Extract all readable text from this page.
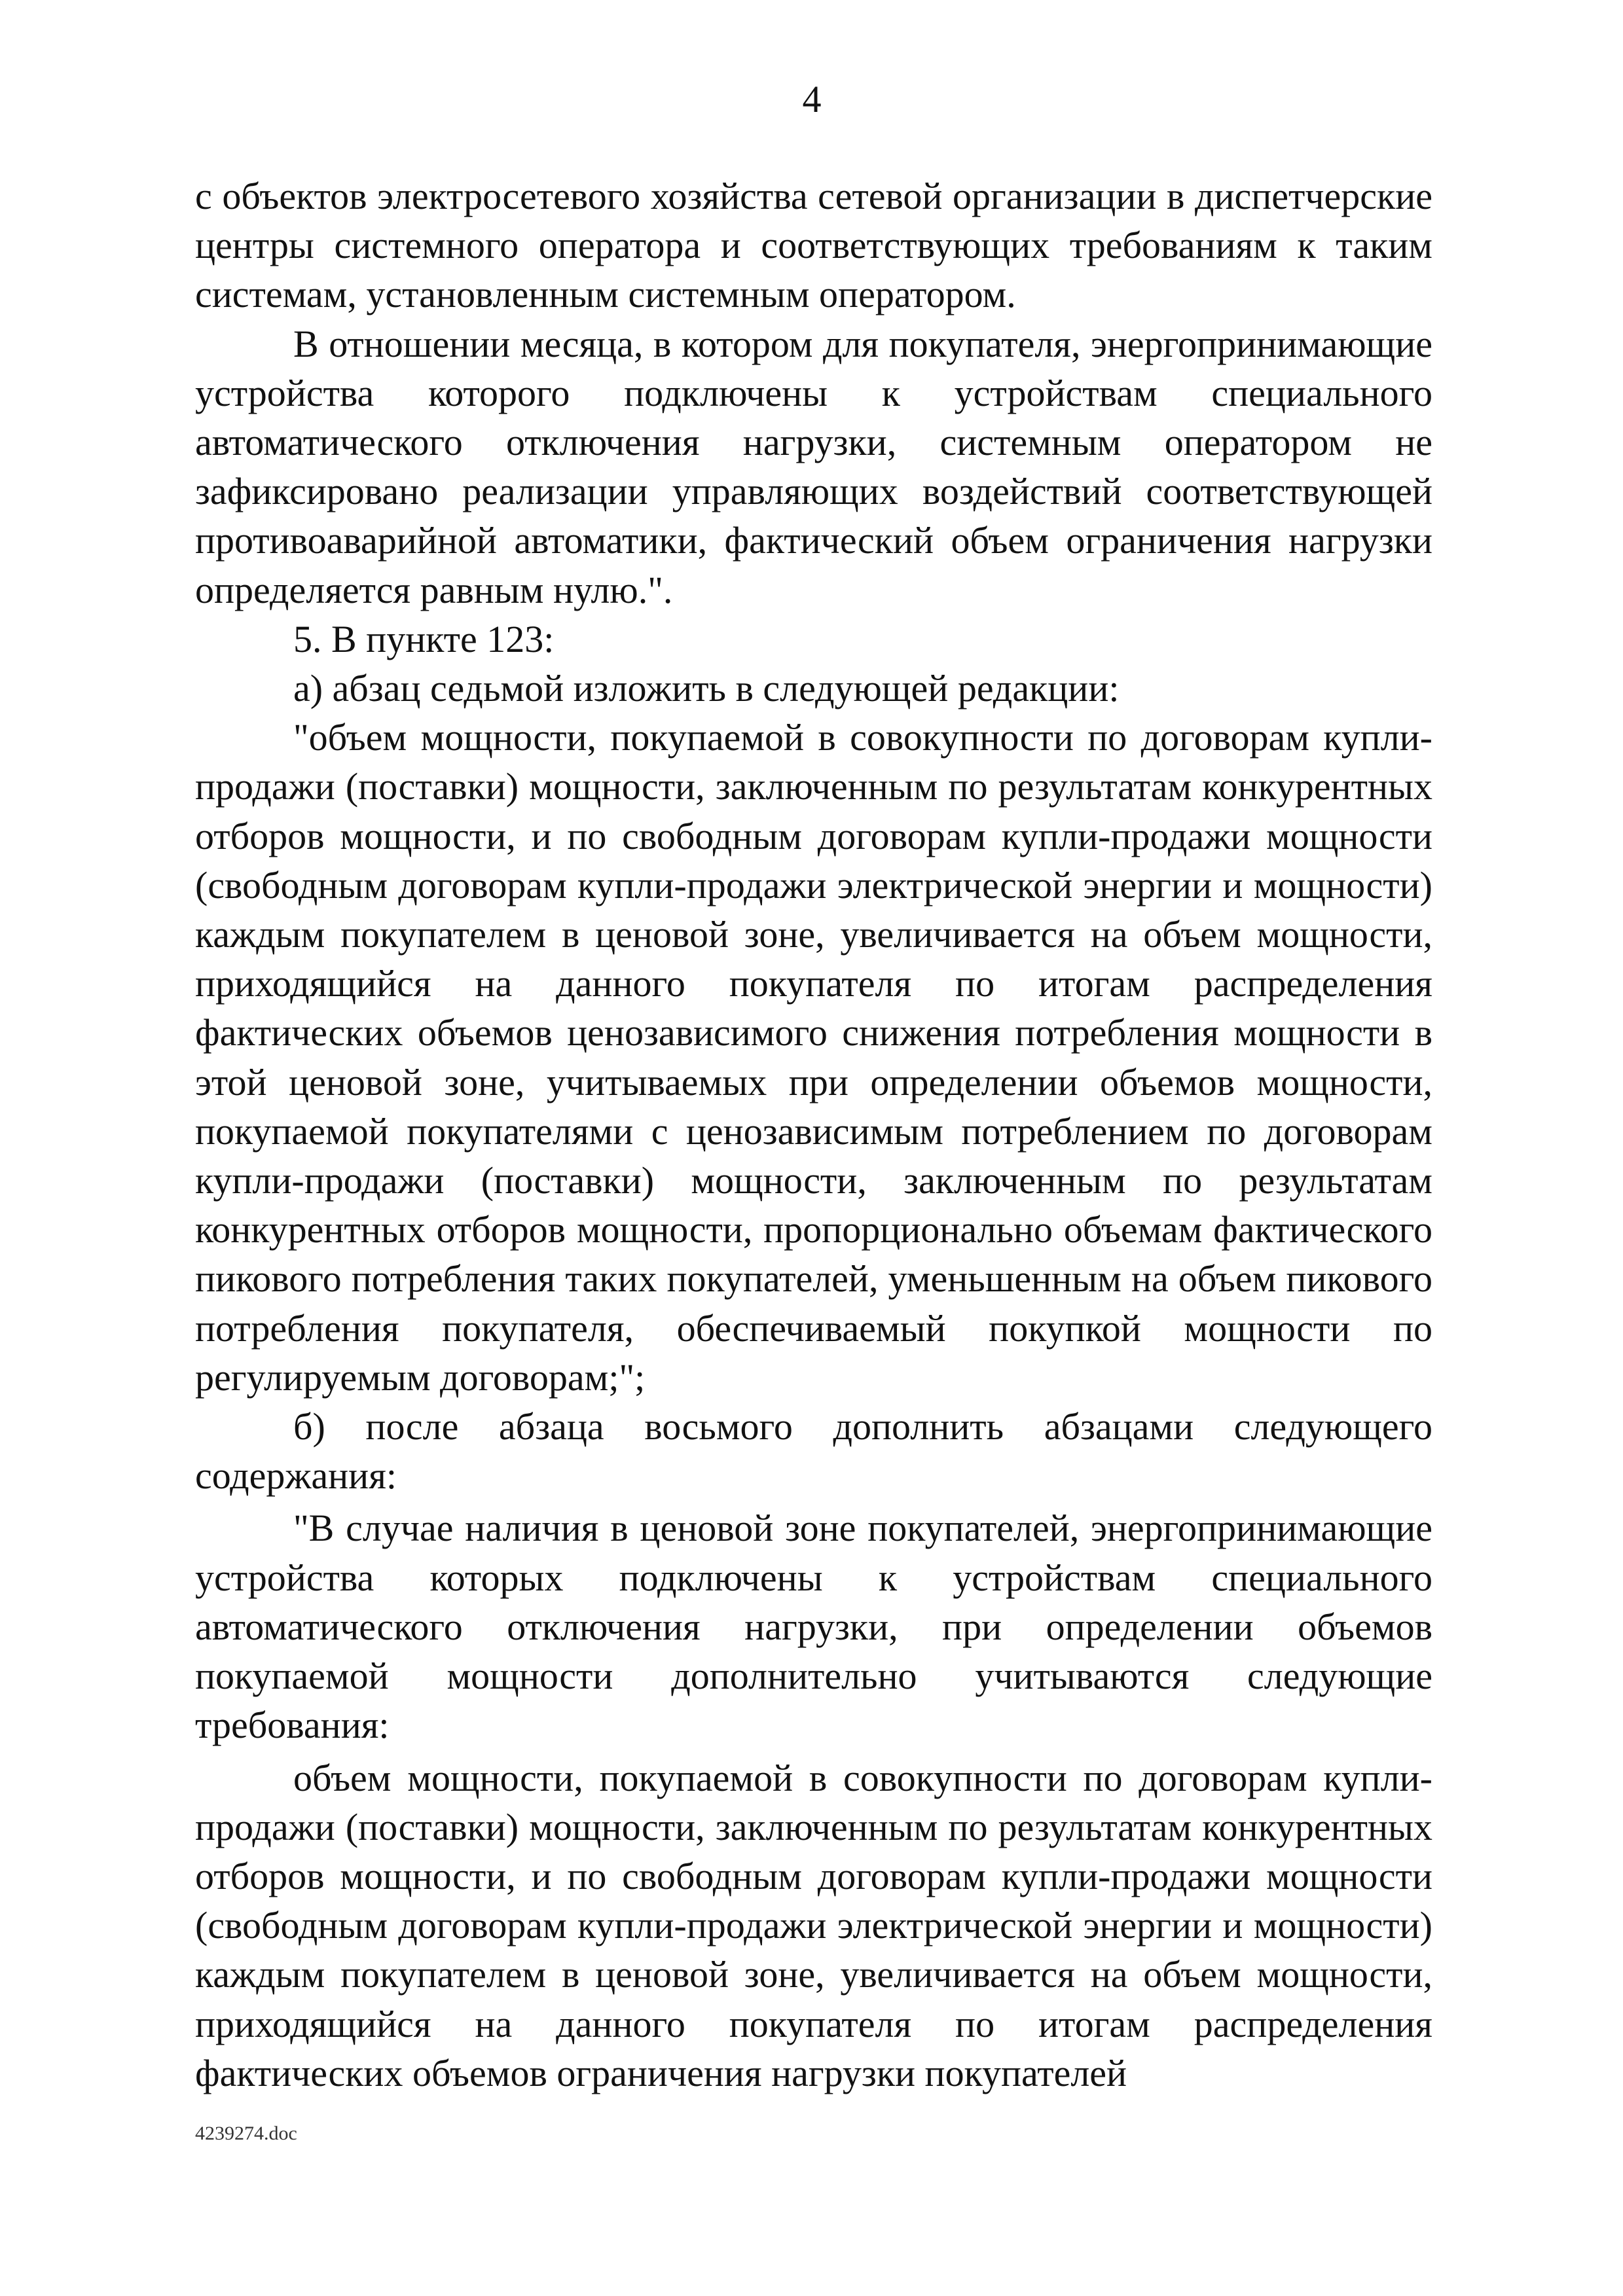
4

с объектов электросетевого хозяйства сетевой организации в диспетчерские центры системного оператора и соответствующих требованиям к таким системам, установленным системным оператором.

В отношении месяца, в котором для покупателя, энергопринимающие устройства которого подключены к устройствам специального автоматического отключения нагрузки, системным оператором не зафиксировано реализации управляющих воздействий соответствующей противоаварийной автоматики, фактический объем ограничения нагрузки определяется равным нулю.".

5. В пункте 123:

а) абзац седьмой изложить в следующей редакции:

"объем мощности, покупаемой в совокупности по договорам купли-продажи (поставки) мощности, заключенным по результатам конкурентных отборов мощности, и по свободным договорам купли-продажи мощности (свободным договорам купли-продажи электрической энергии и мощности) каждым покупателем в ценовой зоне, увеличивается на объем мощности, приходящийся на данного покупателя по итогам распределения фактических объемов ценозависимого снижения потребления мощности в этой ценовой зоне, учитываемых при определении объемов мощности, покупаемой покупателями с ценозависимым потреблением по договорам купли-продажи (поставки) мощности, заключенным по результатам конкурентных отборов мощности, пропорционально объемам фактического пикового потребления таких покупателей, уменьшенным на объем пикового потребления покупателя, обеспечиваемый покупкой мощности по регулируемым договорам;";

б) после абзаца восьмого дополнить абзацами следующего содержания:

"В случае наличия в ценовой зоне покупателей, энергопринимающие устройства которых подключены к устройствам специального автоматического отключения нагрузки, при определении объемов покупаемой мощности дополнительно учитываются следующие требования:

объем мощности, покупаемой в совокупности по договорам купли-продажи (поставки) мощности, заключенным по результатам конкурентных отборов мощности, и по свободным договорам купли-продажи мощности (свободным договорам купли-продажи электрической энергии и мощности) каждым покупателем в ценовой зоне, увеличивается на объем мощности, приходящийся на данного покупателя по итогам распределения фактических объемов ограничения нагрузки покупателей

4239274.doc
